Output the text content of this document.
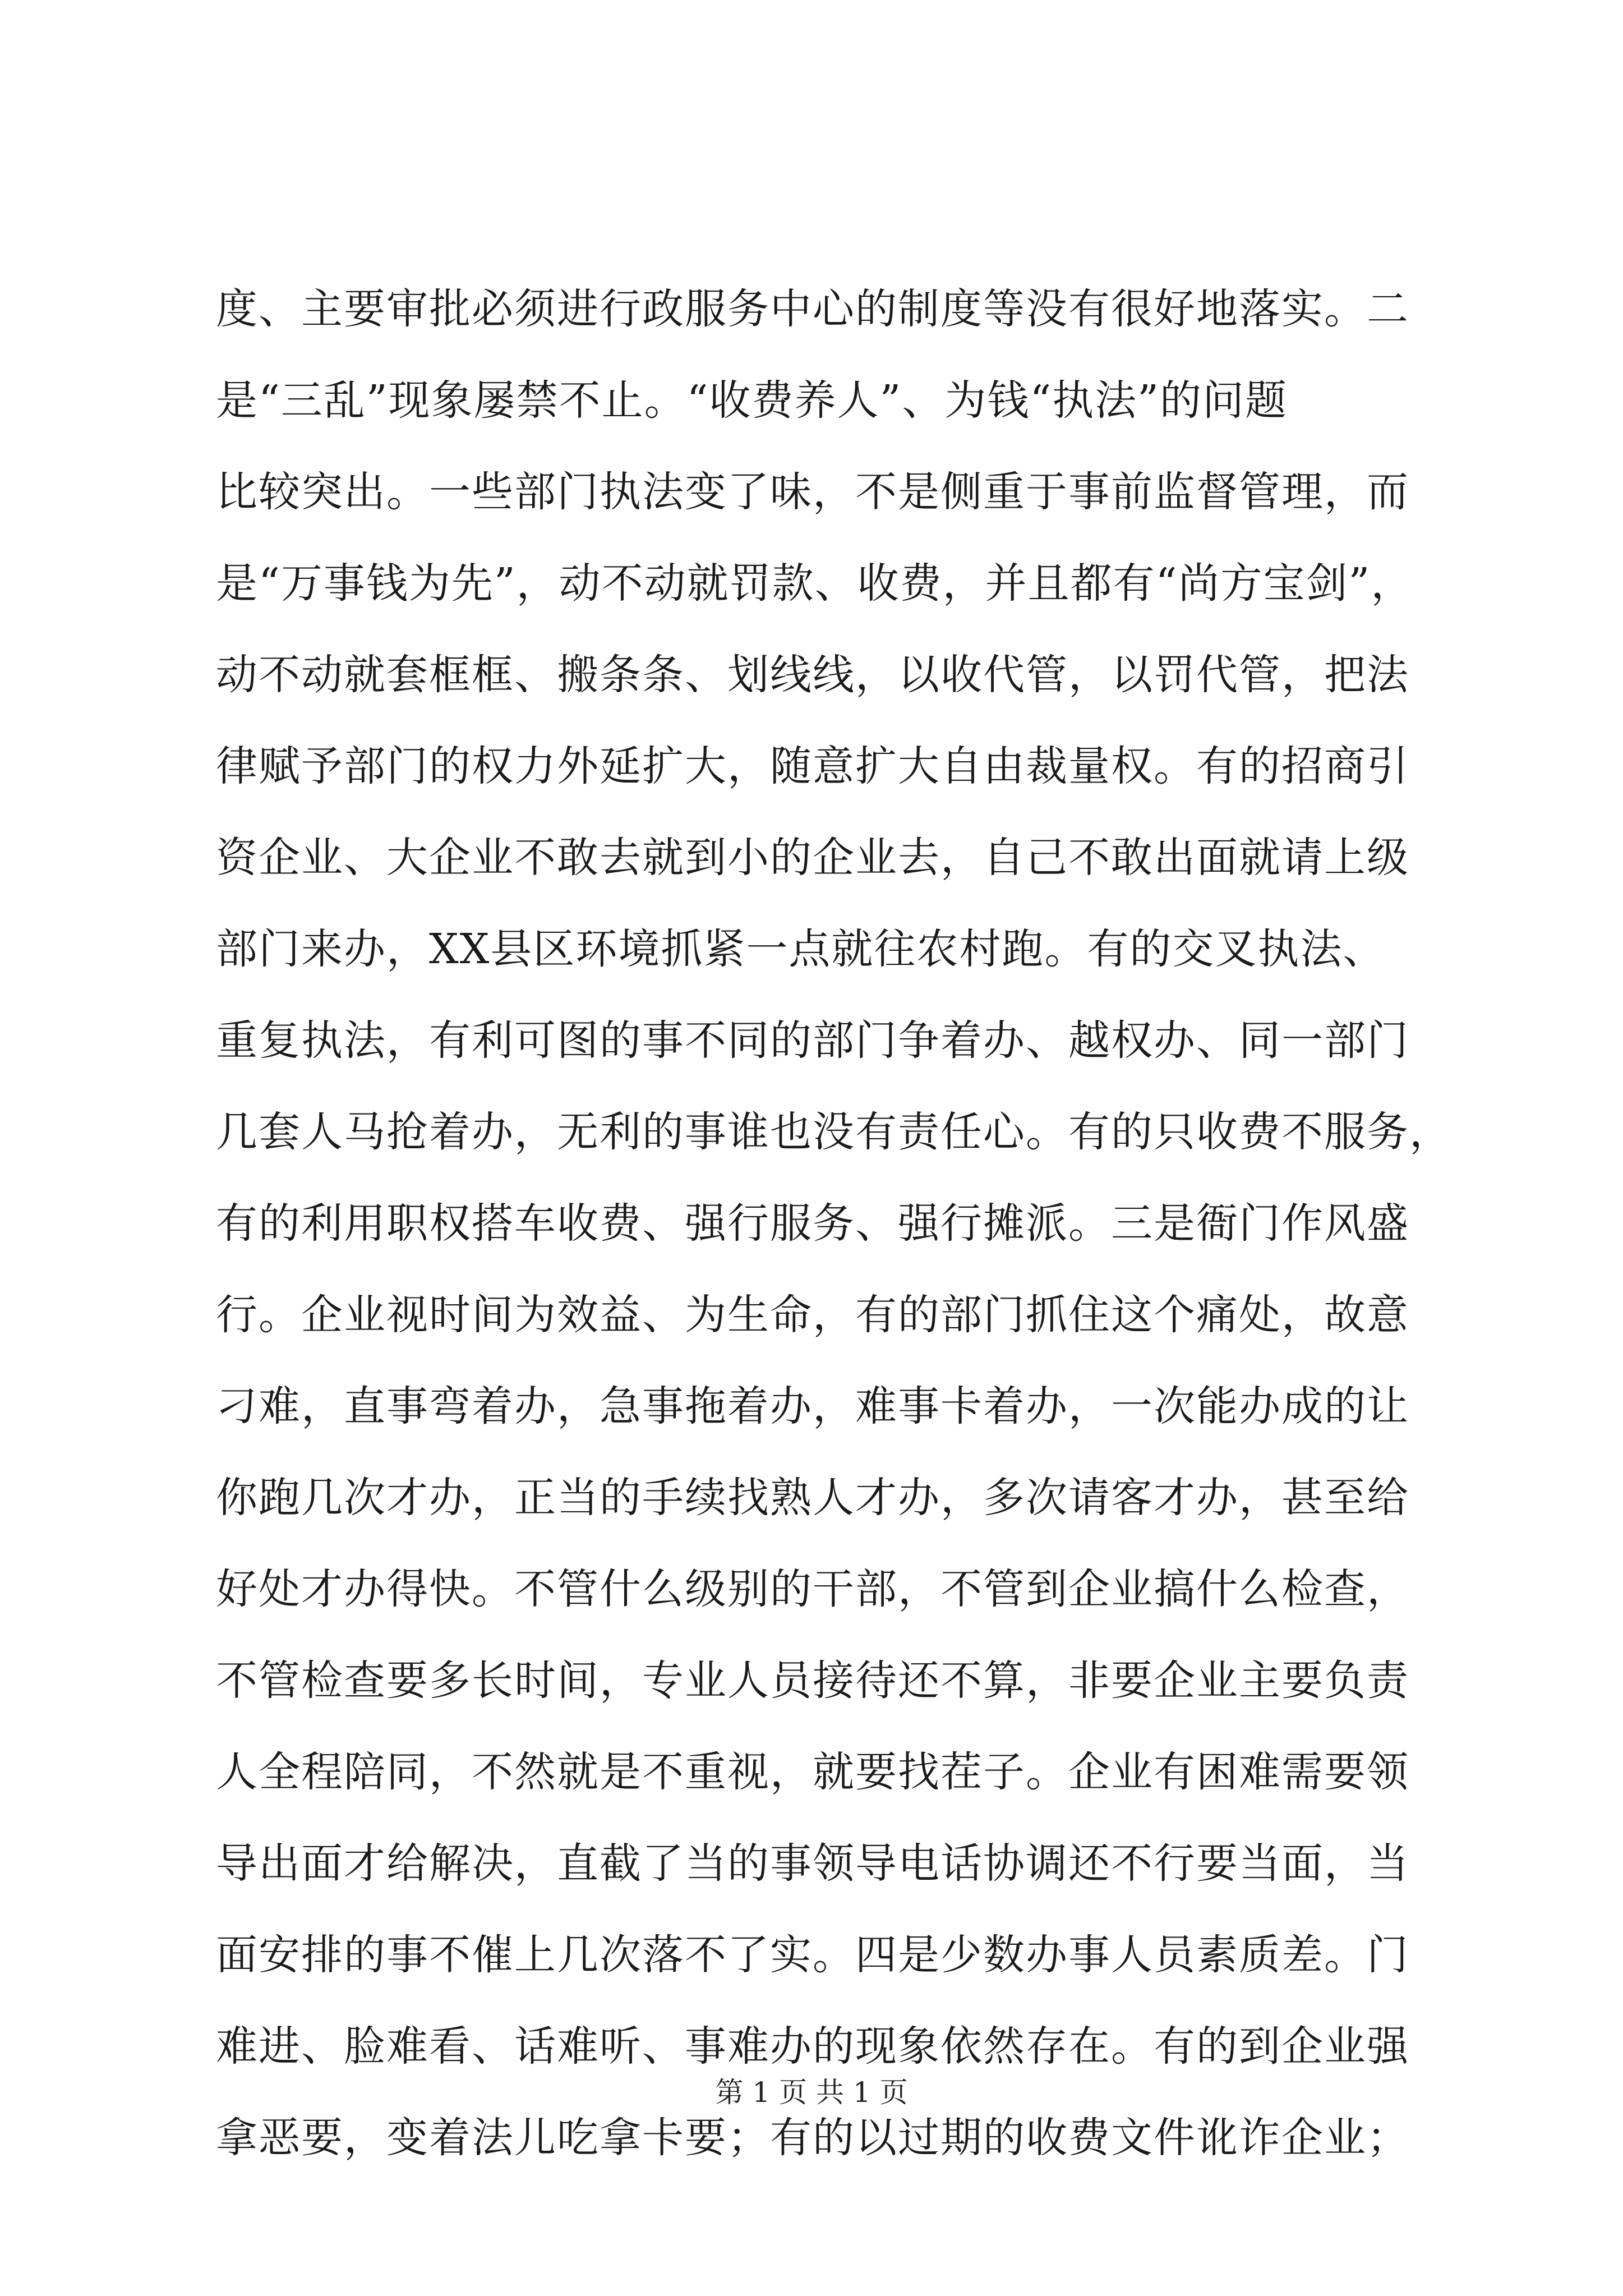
度、主要审批必须进行政服务中心的制度等没有很好地落实。二
是“三乱”现象屡禁不止。“收费养人”、为钱“执法”的问题
比较突出。一些部门执法变了味，不是侧重于事前监督管理，而
是“万事钱为先”，动不动就罚款、收费，并且都有“尚方宝剑”，
动不动就套框框、搬条条、划线线，以收代管，以罚代管，把法
律赋予部门的权力外延扩大，随意扩大自由裁量权。有的招商引
资企业、大企业不敢去就到小的企业去，自己不敢出面就请上级
部门来办，XX县区环境抓紧一点就往农村跑。有的交叉执法、
重复执法，有利可图的事不同的部门争着办、越权办、同一部门
几套人马抢着办，无利的事谁也没有责任心。有的只收费不服务，
有的利用职权搭车收费、强行服务、强行摊派。三是衙门作风盛
行。企业视时间为效益、为生命，有的部门抓住这个痛处，故意
刁难，直事弯着办，急事拖着办，难事卡着办，一次能办成的让
你跑几次才办，正当的手续找熟人才办，多次请客才办，甚至给
好处才办得快。不管什么级别的干部，不管到企业搞什么检查，
不管检查要多长时间，专业人员接待还不算，非要企业主要负责
人全程陪同，不然就是不重视，就要找茬子。企业有困难需要领
导出面才给解决，直截了当的事领导电话协调还不行要当面，当
面安排的事不催上几次落不了实。四是少数办事人员素质差。门
难进、脸难看、话难听、事难办的现象依然存在。有的到企业强
拿恶要，变着法儿吃拿卡要；有的以过期的收费文件讹诈企业；
第 1 页 共 1 页
